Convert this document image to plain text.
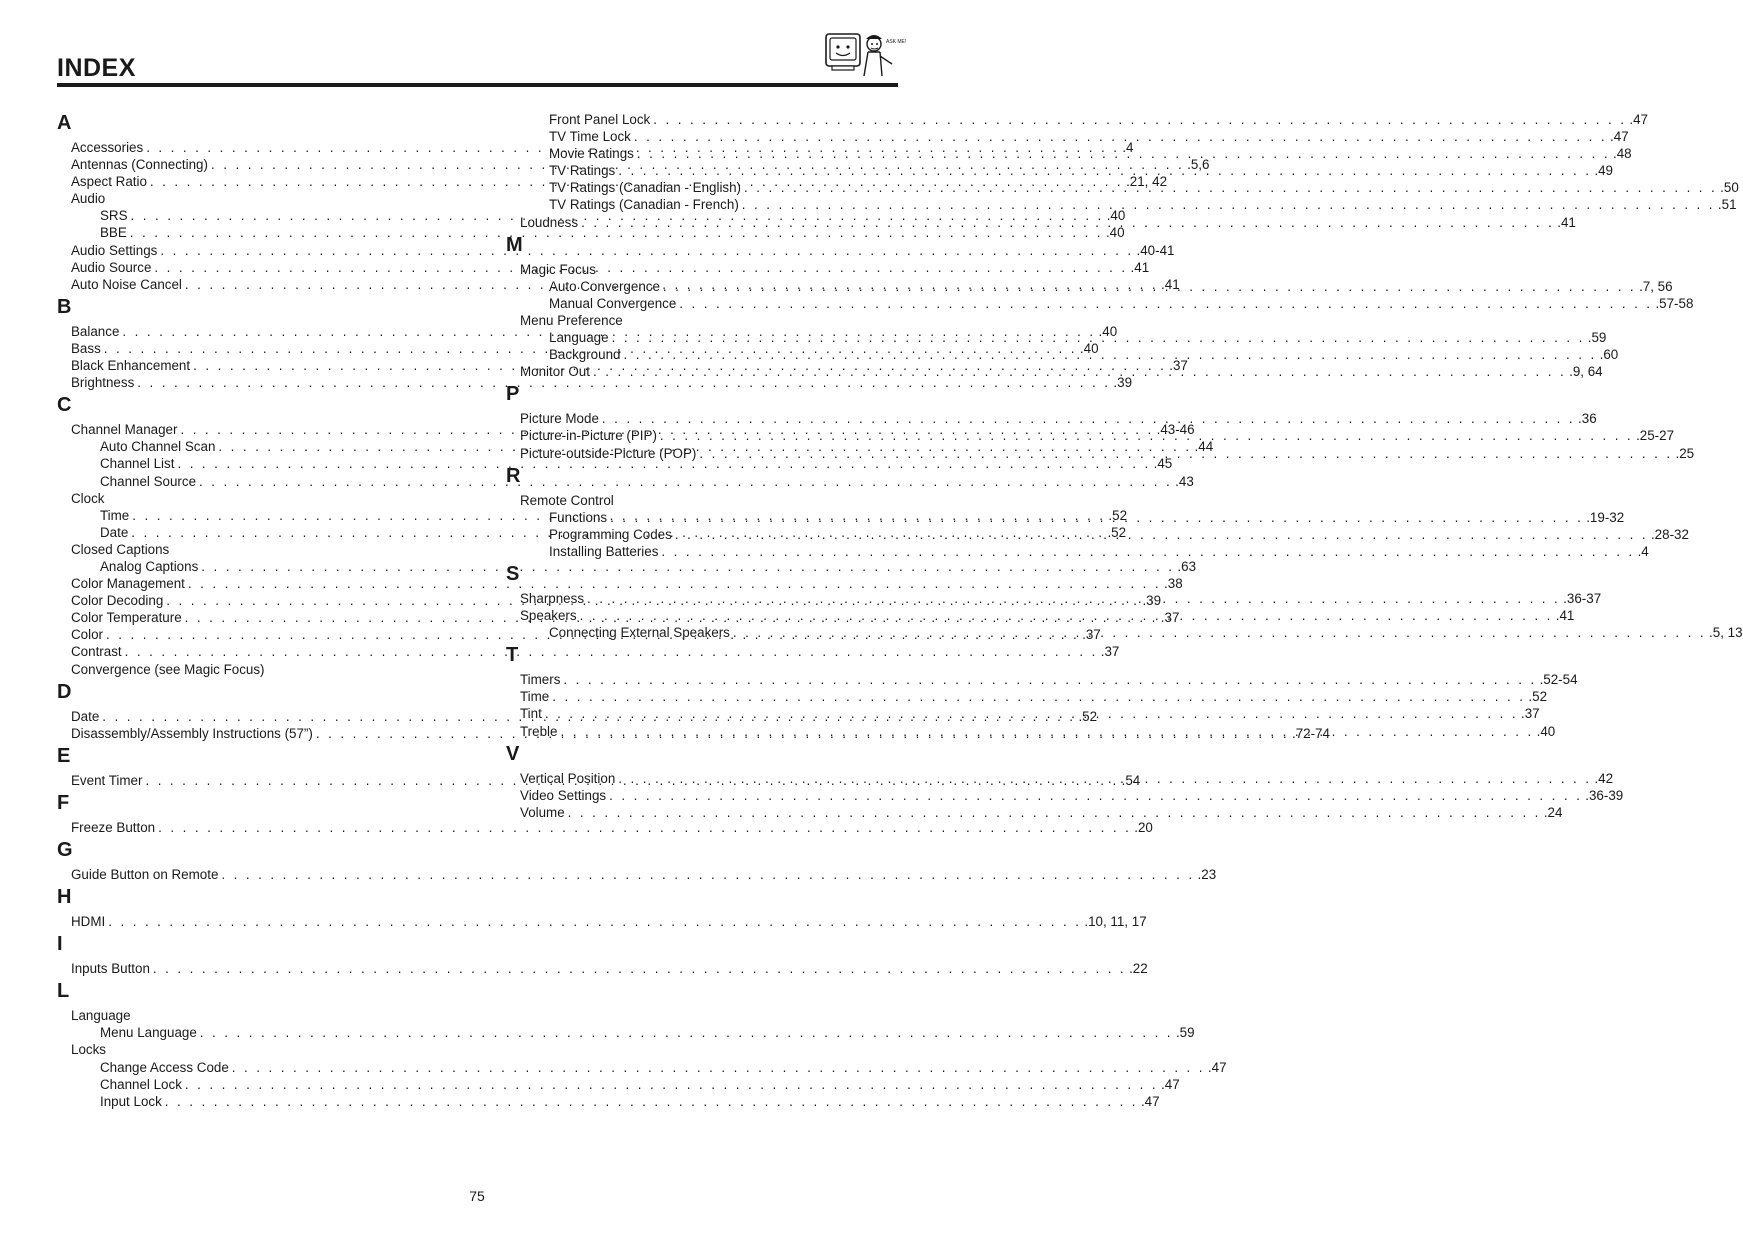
INDEX
ASK ME!
A
Accessories . . .	.4
Antennas (Connecting) . . .	.5,6
Aspect Ratio . . .	.21, 42
Audio
SRS . . .	.40
BBE . . .	.40
Audio Settings . . .	.40-41
Audio Source . . .	.41
Auto Noise Cancel . . .	.41
B
Balance . . .	.40
Bass . . .	.40
Black Enhancement . . .	.37
Brightness . . .	.39
C
Channel Manager . . .	.43-46
Auto Channel Scan . . .	.44
Channel List . . .	.45
Channel Source . . .	.43
Clock
Time . . .	.52
Date . . .	.52
Closed Captions
Analog Captions . . .	.63
Color Management . . .	.38
Color Decoding . . .	.39
Color Temperature . . .	.37
Color . . .	.37
Contrast . . .	.37
Convergence (see Magic Focus)
D
Date . . .	.52
Disassembly/Assembly Instructions (57”) . . .	.72-74
E
Event Timer . . .	.54
F
Freeze Button . . .	.20
G
Guide Button on Remote . . .	.23
H
HDMI . . .	.10, 11, 17
I
Inputs Button . . .	.22
L
Language
Menu Language . . .	.59
Locks
Change Access Code . . .	.47
Channel Lock . . .	.47
Input Lock . . .	.47
Front Panel Lock . . .	.47
TV Time Lock . . .	.47
Movie Ratings . . .	.48
TV Ratings . . .	.49
TV Ratings (Canadian - English) . . .	.50
TV Ratings (Canadian - French) . . .	.51
Loudness . . .	.41
M
Magic Focus
Auto Convergence . . .	.7, 56
Manual Convergence . . .	.57-58
Menu Preference
Language . . .	.59
Background . . .	.60
Monitor Out . . .	.9, 64
P
Picture Mode . . .	.36
Picture-in-Picture (PIP) . . .	.25-27
Picture-outside-Picture (POP) . . .	.25
R
Remote Control
Functions . . .	.19-32
Programming Codes . . .	.28-32
Installing Batteries . . .	.4
S
Sharpness . . .	.36-37
Speakers . . .	.41
Connecting External Speakers . . .	.5, 13
T
Timers . . .	.52-54
Time . . .	.52
Tint . . .	.37
Treble . . .	.40
V
Vertical Position . . .	.42
Video Settings . . .	.36-39
Volume . . .	.24
75
